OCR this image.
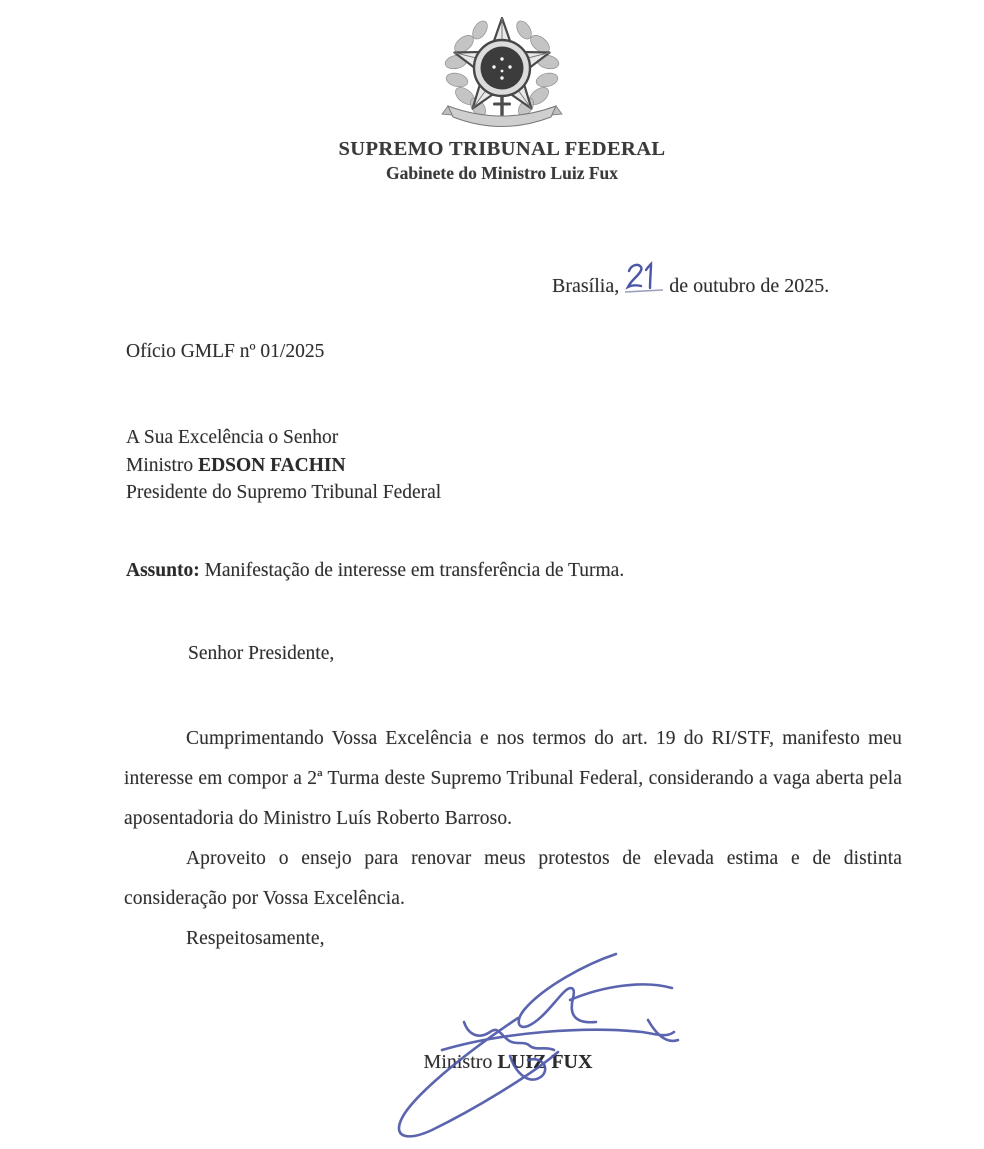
SUPREMO TRIBUNAL FEDERAL
Gabinete do Ministro Luiz Fux
Brasília,	de outubro de 2025.
Ofício GMLF nº 01/2025
A Sua Excelência o Senhor
Ministro EDSON FACHIN
Presidente do Supremo Tribunal Federal
Assunto: Manifestação de interesse em transferência de Turma.
Senhor Presidente,

Cumprimentando Vossa Excelência e nos termos do art. 19 do RI/STF, manifesto meu interesse em compor a 2ª Turma deste Supremo Tribunal Federal, considerando a vaga aberta pela aposentadoria do Ministro Luís Roberto Barroso.

Aproveito o ensejo para renovar meus protestos de elevada estima e de distinta consideração por Vossa Excelência.

Respeitosamente,

Ministro LUIZ FUX
